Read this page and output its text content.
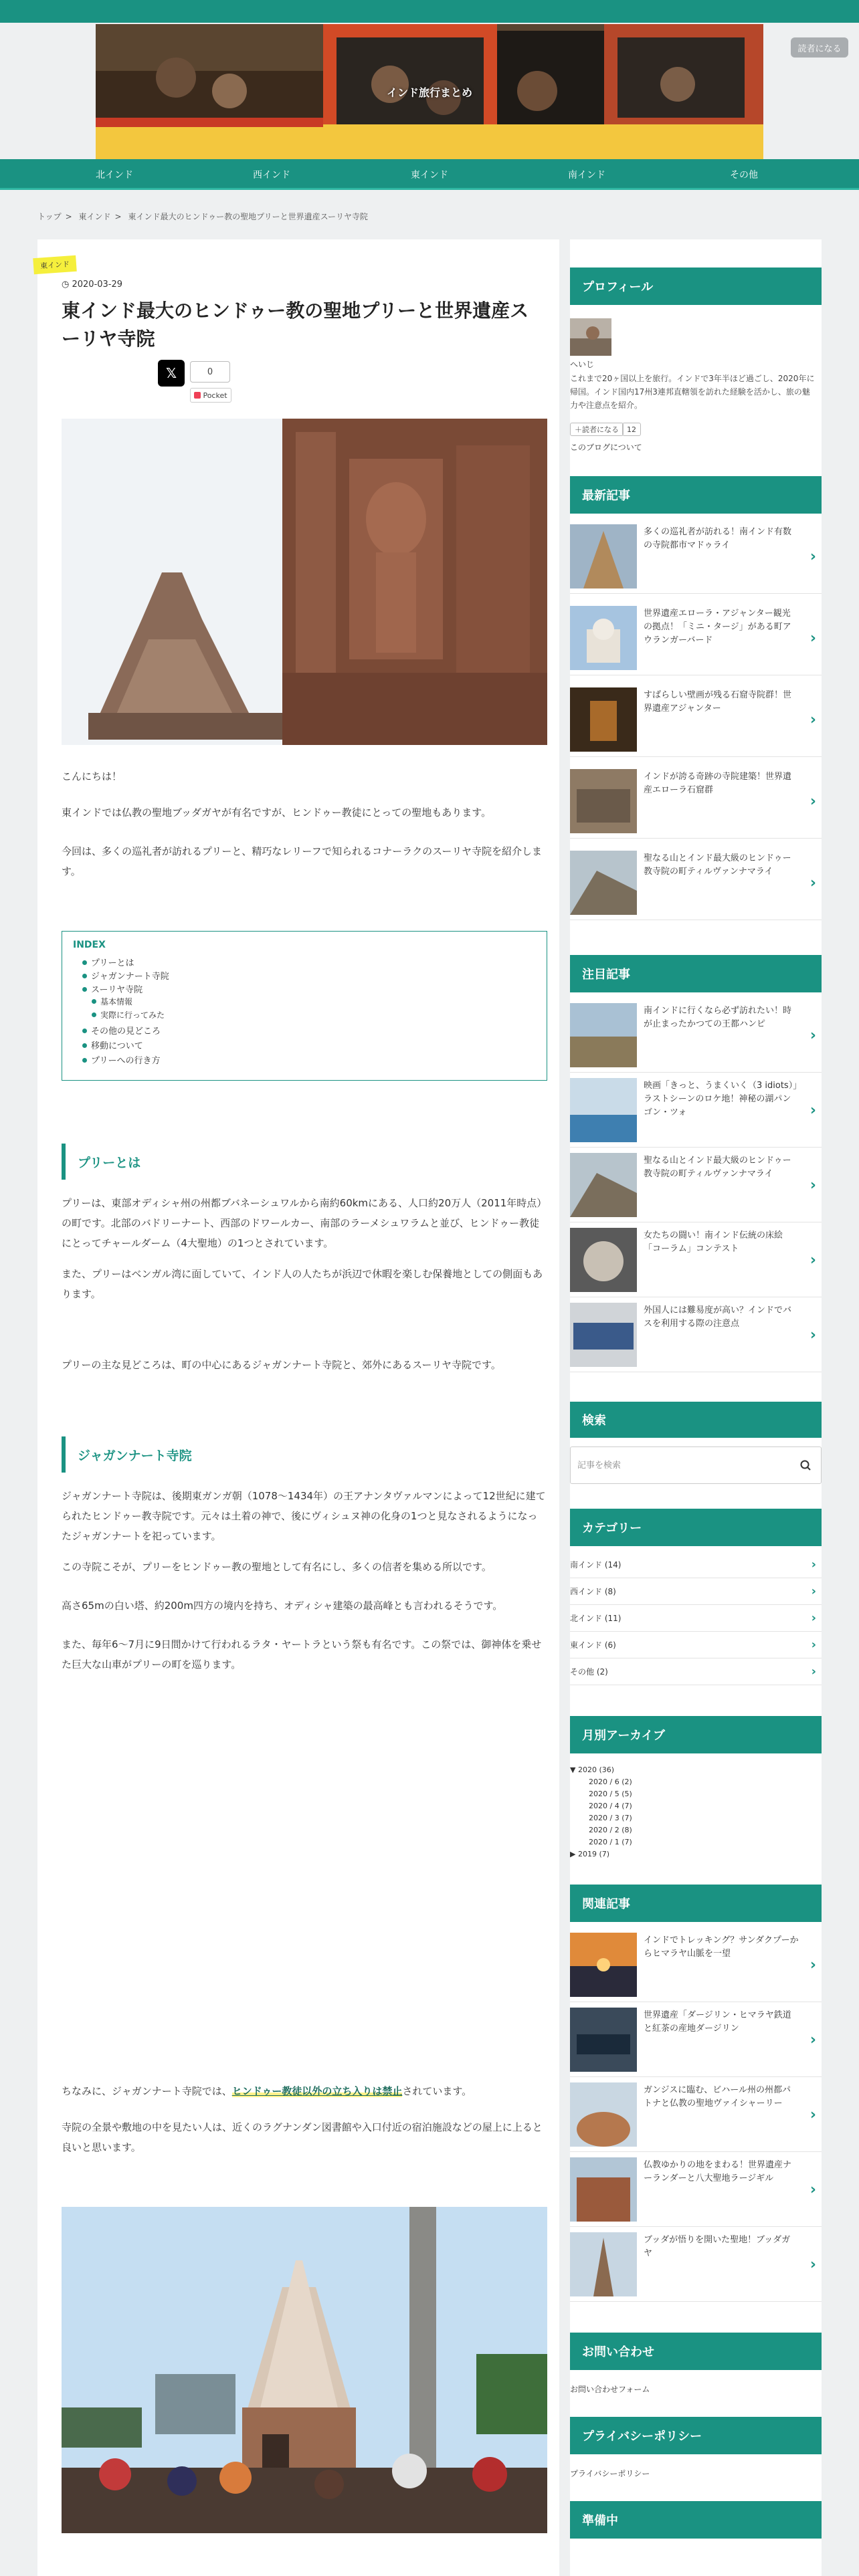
インド旅行まとめ
読者になる
北インド	西インド	東インド	南インド	その他
トップ > 東インド > 東インド最大のヒンドゥー教の聖地プリーと世界遺産スーリヤ寺院
東インド
◷ 2020-03-29
東インド最大のヒンドゥー教の聖地プリーと世界遺産スーリヤ寺院
𝕏	0
Pocket
こんにちは！
東インドでは仏教の聖地ブッダガヤが有名ですが、ヒンドゥー教徒にとっての聖地もあります。
今回は、多くの巡礼者が訪れるプリーと、精巧なレリーフで知られるコナーラクのスーリヤ寺院を紹介します。
INDEX
プリーとは
ジャガンナート寺院
スーリヤ寺院
基本情報
実際に行ってみた
その他の見どころ
移動について
プリーへの行き方
プリーとは
プリーは、東部オディシャ州の州都ブバネーシュワルから南約60kmにある、人口約20万人（2011年時点）の町です。北部のバドリーナート、西部のドワールカー、南部のラーメシュワラムと並び、ヒンドゥー教徒にとってチャールダーム（4大聖地）の1つとされています。
また、プリーはベンガル湾に面していて、インド人の人たちが浜辺で休暇を楽しむ保養地としての側面もあります。
プリーの主な見どころは、町の中心にあるジャガンナート寺院と、郊外にあるスーリヤ寺院です。
ジャガンナート寺院
ジャガンナート寺院は、後期東ガンガ朝（1078〜1434年）の王アナンタヴァルマンによって12世紀に建てられたヒンドゥー教寺院です。元々は土着の神で、後にヴィシュヌ神の化身の1つと見なされるようになったジャガンナートを祀っています。
この寺院こそが、プリーをヒンドゥー教の聖地として有名にし、多くの信者を集める所以です。
高さ65mの白い塔、約200m四方の境内を持ち、オディシャ建築の最高峰とも言われるそうです。
また、毎年6〜7月に9日間かけて行われるラタ・ヤートラという祭も有名です。この祭では、御神体を乗せた巨大な山車がプリーの町を巡ります。
ちなみに、ジャガンナート寺院では、ヒンドゥー教徒以外の立ち入りは禁止されています。
寺院の全景や敷地の中を見たい人は、近くのラグナンダン図書館や入口付近の宿泊施設などの屋上に上ると良いと思います。
プロフィール
へいじ
これまで20ヶ国以上を旅行。インドで3年半ほど過ごし、2020年に帰国。インド国内17州3連邦直轄領を訪れた経験を活かし、旅の魅力や注意点を紹介。
＋ 読者になる	12
このブログについて
最新記事
多くの巡礼者が訪れる！南インド有数の寺院都市マドゥライ
›
世界遺産エローラ・アジャンター観光の拠点！「ミニ・タージ」がある町アウランガーバード	›
すばらしい壁画が残る石窟寺院群！世界遺産アジャンター
›
インドが誇る奇跡の寺院建築！世界遺産エローラ石窟群
›
聖なる山とインド最大級のヒンドゥー教寺院の町ティルヴァンナマライ
›
注目記事
南インドに行くなら必ず訪れたい！時が止まったかつての王都ハンピ
›
映画「きっと、うまくいく（3 idiots）」ラストシーンのロケ地！神秘の湖パンゴン・ツォ	›
聖なる山とインド最大級のヒンドゥー教寺院の町ティルヴァンナマライ
›
女たちの闘い！南インド伝統の床絵「コーラム」コンテスト
›
外国人には難易度が高い？インドでバスを利用する際の注意点
›
検索
記事を検索
カテゴリー
南インド (14)	›
西インド (8)	›
北インド (11)	›
東インド (6)	›
その他 (2)	›
月別アーカイブ
▼ 2020 (36)
2020 / 6 (2)
2020 / 5 (5)
2020 / 4 (7)
2020 / 3 (7)
2020 / 2 (8)
2020 / 1 (7)
▶ 2019 (7)
関連記事
インドでトレッキング？サンダクプーからヒマラヤ山脈を一望
›
世界遺産「ダージリン・ヒマラヤ鉄道と紅茶の産地ダージリン
›
ガンジスに臨む、ビハール州の州都パトナと仏教の聖地ヴァイシャーリー
›
仏教ゆかりの地をまわる！世界遺産ナーランダーと八大聖地ラージギル
›
ブッダが悟りを開いた聖地！ブッダガヤ
›
お問い合わせ
お問い合わせフォーム
プライバシーポリシー
プライバシーポリシー
準備中
